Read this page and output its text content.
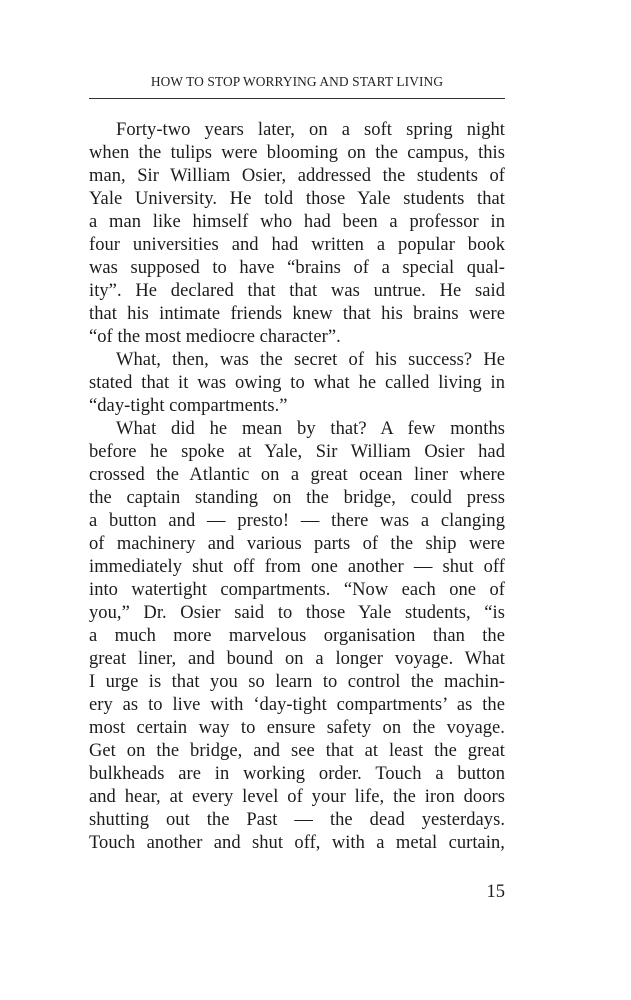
HOW TO STOP WORRYING AND START LIVING
Forty-two years later, on a soft spring night
when the tulips were blooming on the campus, this
man, Sir William Osier, addressed the students of
Yale University. He told those Yale students that
a man like himself who had been a professor in
four universities and had written a popular book
was supposed to have “brains of a special qual-
ity”. He declared that that was untrue. He said
that his intimate friends knew that his brains were
“of the most mediocre character”.
What, then, was the secret of his success? He
stated that it was owing to what he called living in
“day-tight compartments.”
What did he mean by that? A few months
before he spoke at Yale, Sir William Osier had
crossed the Atlantic on a great ocean liner where
the captain standing on the bridge, could press
a button and — presto! — there was a clanging
of machinery and various parts of the ship were
immediately shut off from one another — shut off
into watertight compartments. “Now each one of
you,” Dr. Osier said to those Yale students, “is
a much more marvelous organisation than the
great liner, and bound on a longer voyage. What
I urge is that you so learn to control the machin-
ery as to live with ‘day-tight compartments’ as the
most certain way to ensure safety on the voyage.
Get on the bridge, and see that at least the great
bulkheads are in working order. Touch a button
and hear, at every level of your life, the iron doors
shutting out the Past — the dead yesterdays.
Touch another and shut off, with a metal curtain,
15
